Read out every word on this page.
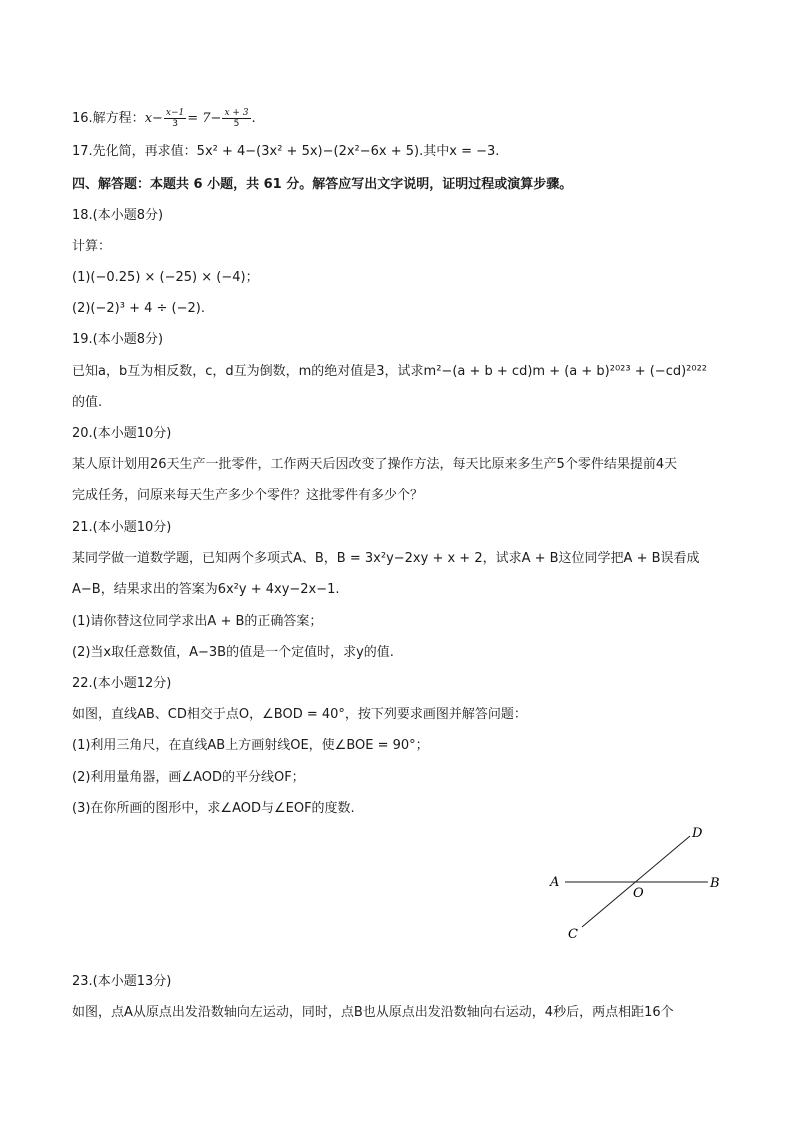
16.解方程：$x- \frac{x-1}{3} = 7- \frac{x + 3}{5}$ .
17.先化简，再求值：5x² + 4−(3x² + 5x)−(2x²−6x + 5).其中x = −3.
四、解答题：本题共 6 小题，共 61 分。解答应写出文字说明，证明过程或演算步骤。
18.(本小题8分)
计算：
(1)(−0.25) × (−25) × (−4)；
(2)(−2)³ + 4 ÷ (−2).
19.(本小题8分)
已知a，b互为相反数，c，d互为倒数，m的绝对值是3，试求m²−(a + b + cd)m + (a + b)²⁰²³ + (−cd)²⁰²²
的值.
20.(本小题10分)
某人原计划用26天生产一批零件，工作两天后因改变了操作方法，每天比原来多生产5个零件结果提前4天
完成任务，问原来每天生产多少个零件？这批零件有多少个？
21.(本小题10分)
某同学做一道数学题，已知两个多项式A、B，B = 3x²y−2xy + x + 2，试求A + B这位同学把A + B误看成
A−B，结果求出的答案为6x²y + 4xy−2x−1.
(1)请你替这位同学求出A + B的正确答案；
(2)当x取任意数值，A−3B的值是一个定值时，求y的值.
22.(本小题12分)
如图，直线AB、CD相交于点O，∠BOD = 40°，按下列要求画图并解答问题：
(1)利用三角尺，在直线AB上方画射线OE，使∠BOE = 90°；
(2)利用量角器，画∠AOD的平分线OF；
(3)在你所画的图形中，求∠AOD与∠EOF的度数.
A	B
C
D
O
23.(本小题13分)
如图，点A从原点出发沿数轴向左运动，同时，点B也从原点出发沿数轴向右运动，4秒后，两点相距16个
